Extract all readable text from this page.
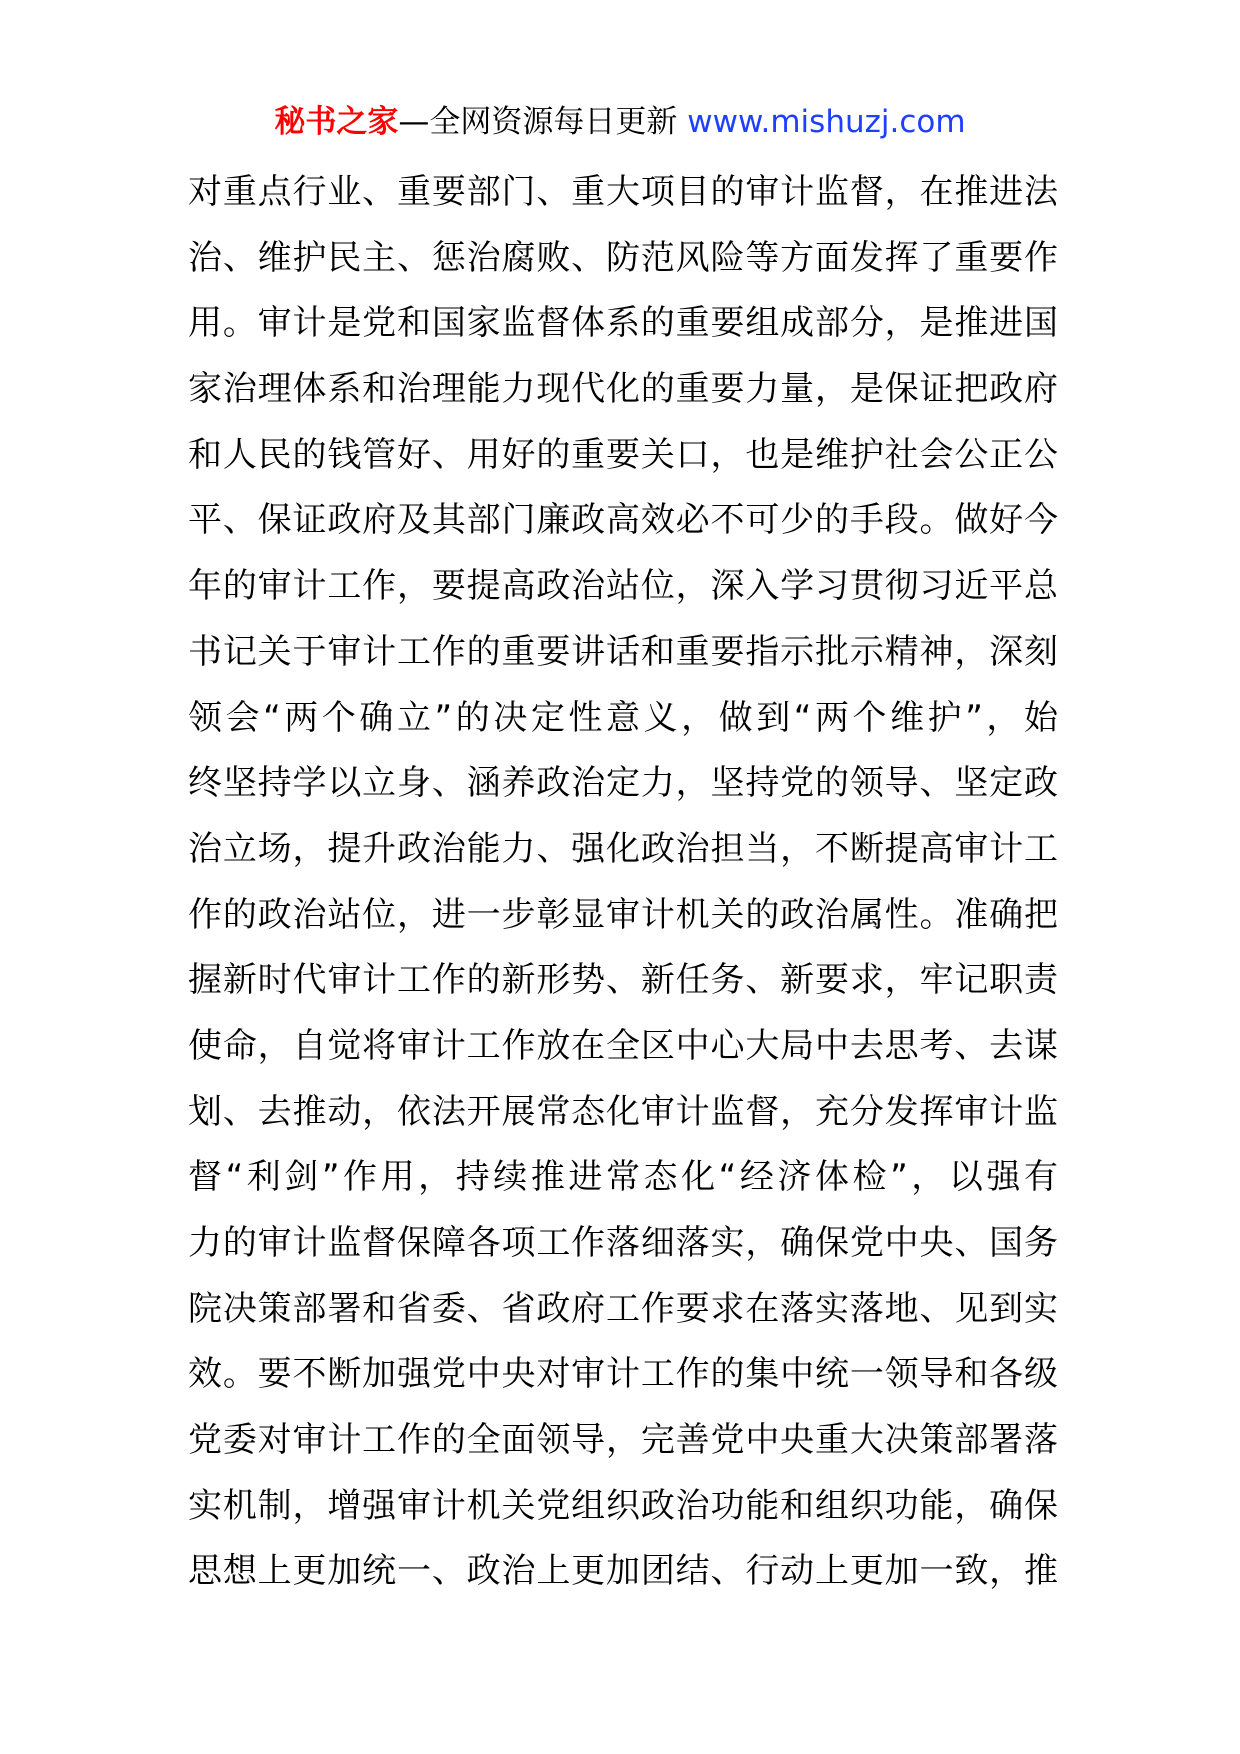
秘书之家—全网资源每日更新 www.mishuzj.com
对重点行业、重要部门、重大项目的审计监督，在推进法
治、维护民主、惩治腐败、防范风险等方面发挥了重要作
用。审计是党和国家监督体系的重要组成部分，是推进国
家治理体系和治理能力现代化的重要力量，是保证把政府
和人民的钱管好、用好的重要关口，也是维护社会公正公
平、保证政府及其部门廉政高效必不可少的手段。做好今
年的审计工作，要提高政治站位，深入学习贯彻习近平总
书记关于审计工作的重要讲话和重要指示批示精神，深刻
领会“两个确立”的决定性意义，做到“两个维护”，始
终坚持学以立身、涵养政治定力，坚持党的领导、坚定政
治立场，提升政治能力、强化政治担当，不断提高审计工
作的政治站位，进一步彰显审计机关的政治属性。准确把
握新时代审计工作的新形势、新任务、新要求，牢记职责
使命，自觉将审计工作放在全区中心大局中去思考、去谋
划、去推动，依法开展常态化审计监督，充分发挥审计监
督“利剑”作用，持续推进常态化“经济体检”，以强有
力的审计监督保障各项工作落细落实，确保党中央、国务
院决策部署和省委、省政府工作要求在落实落地、见到实
效。要不断加强党中央对审计工作的集中统一领导和各级
党委对审计工作的全面领导，完善党中央重大决策部署落
实机制，增强审计机关党组织政治功能和组织功能，确保
思想上更加统一、政治上更加团结、行动上更加一致，推
